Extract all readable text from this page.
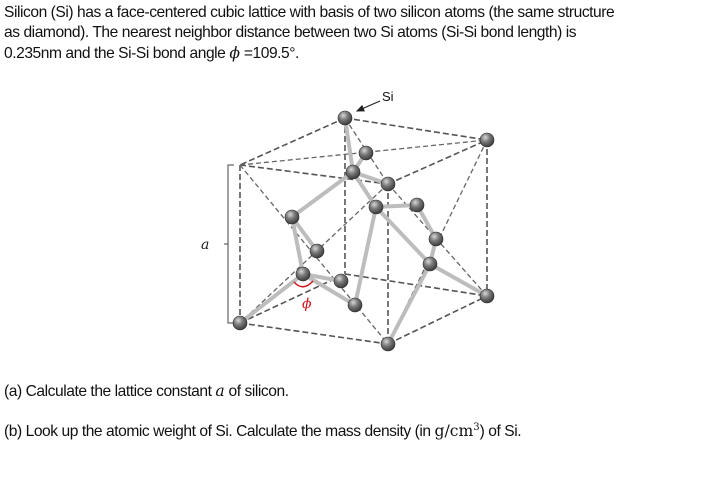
Silicon (Si) has a face-centered cubic lattice with basis of two silicon atoms (the same structure

as diamond). The nearest neighbor distance between two Si atoms (Si-Si bond length) is

0.235nm and the Si-Si bond angle ϕ =109.5°.

Si
a
ϕ
(a) Calculate the lattice constant a of silicon.
(b) Look up the atomic weight of Si. Calculate the mass density (in $g/cm^3$) of Si.
